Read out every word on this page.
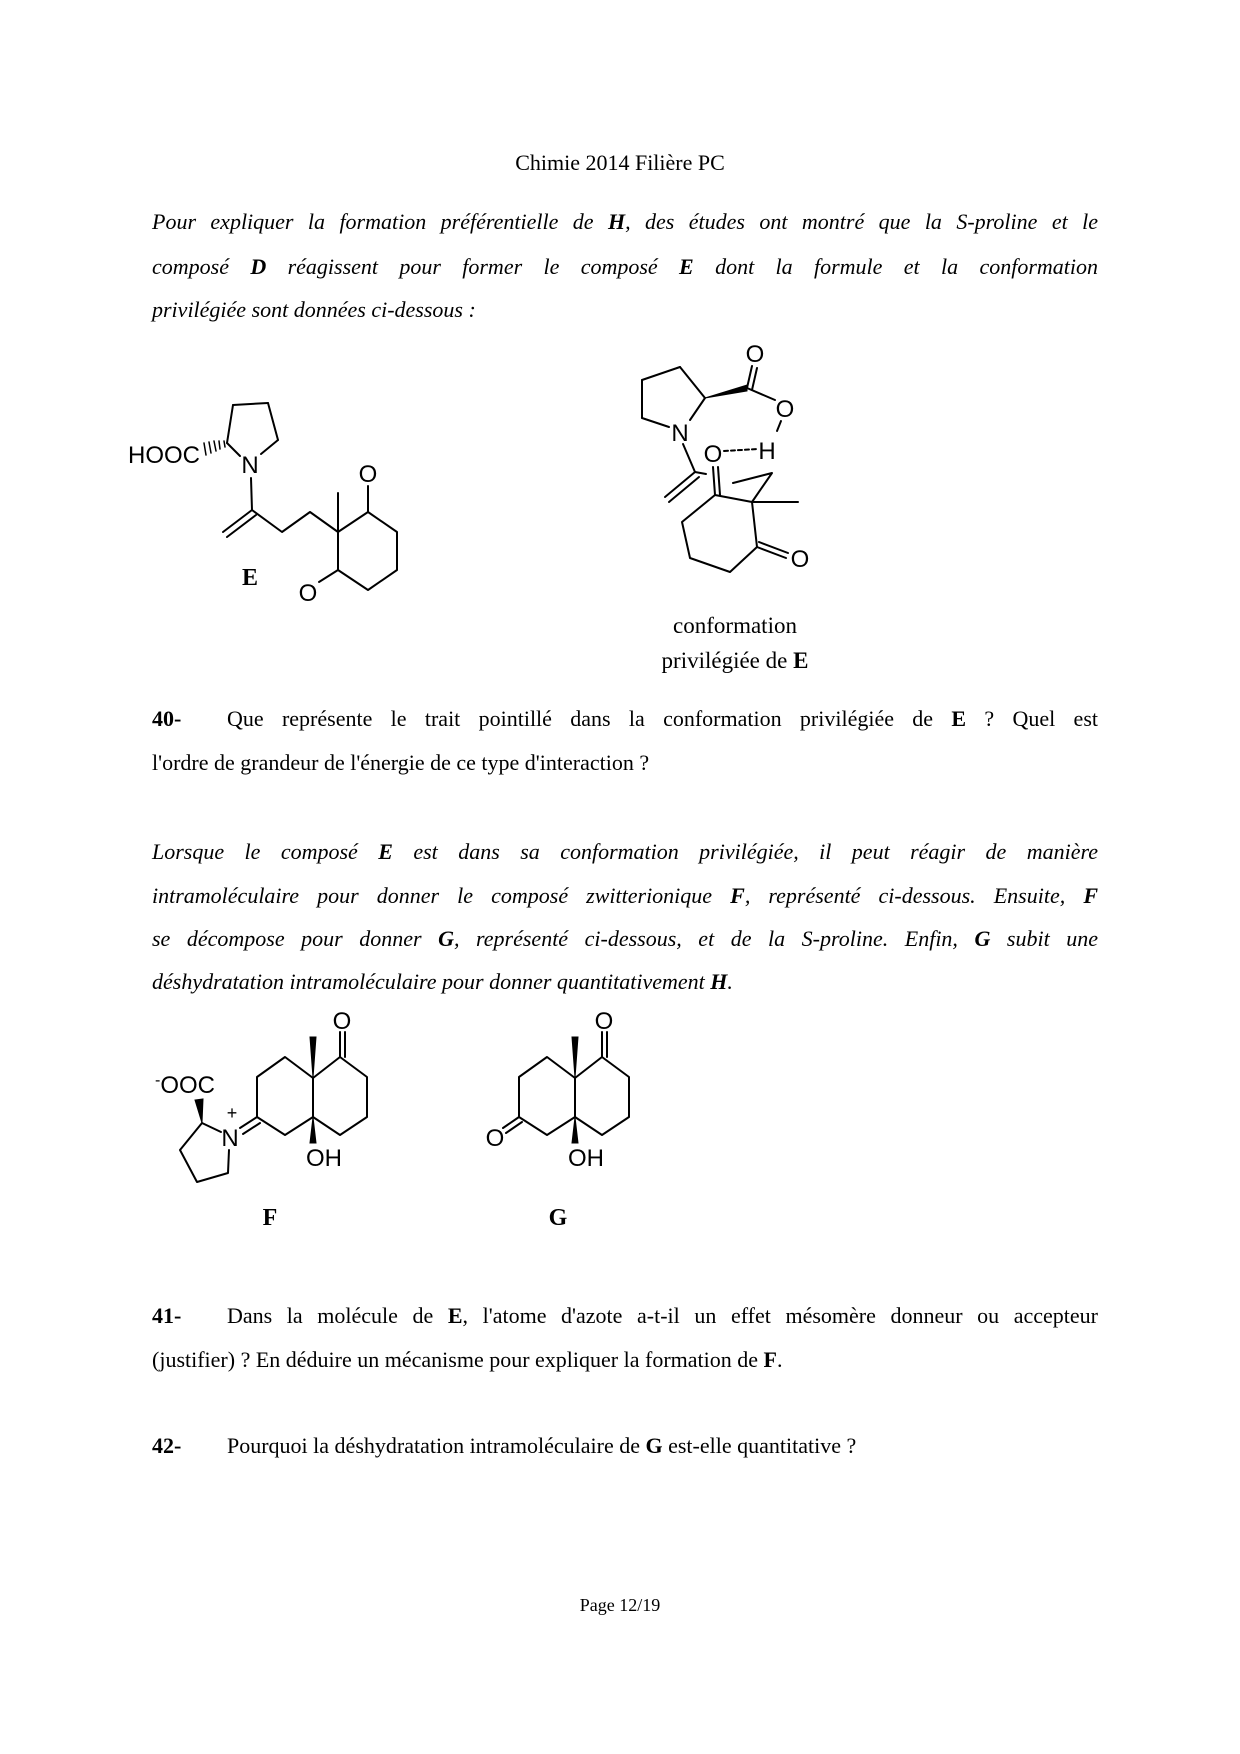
Chimie 2014 Filière PC
Pour expliquer la formation préférentielle de H, des études ont montré que la S-proline et le
composé D réagissent pour former le composé E dont la formule et la conformation
privilégiée sont données ci-dessous :
40- Que représente le trait pointillé dans la conformation privilégiée de E ? Quel est
l'ordre de grandeur de l'énergie de ce type d'interaction ?
Lorsque le composé E est dans sa conformation privilégiée, il peut réagir de manière
intramoléculaire pour donner le composé zwitterionique F, représenté ci-dessous. Ensuite, F
se décompose pour donner G, représenté ci-dessous, et de la S-proline. Enfin, G subit une
déshydratation intramoléculaire pour donner quantitativement H.
41- Dans la molécule de E, l'atome d'azote a-t-il un effet mésomère donneur ou accepteur
(justifier) ? En déduire un mécanisme pour expliquer la formation de F.
42- Pourquoi la déshydratation intramoléculaire de G est-elle quantitative ?
Page 12/19
HOOC N	O
O
E
O
O
H
N
O
O
conformation
privilégiée de E
-OOC
N
+
O
OH
F
O
O
OH
G
